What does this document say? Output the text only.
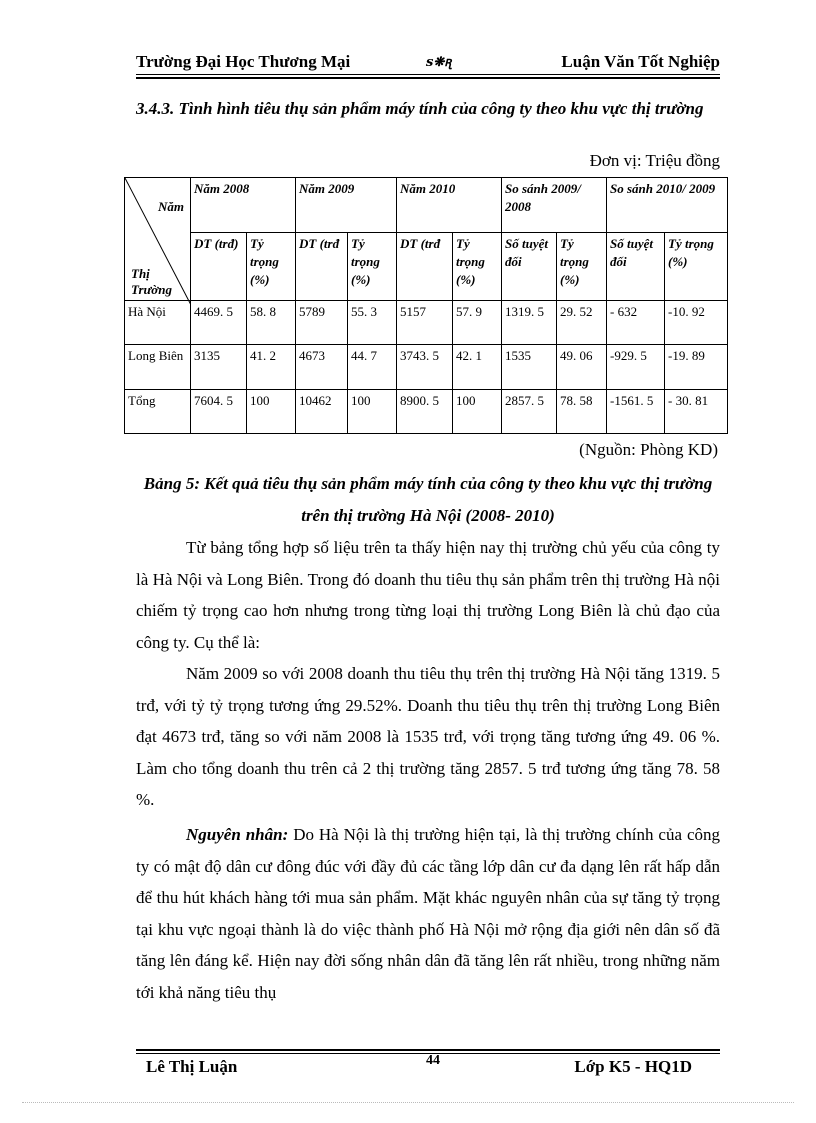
Trường Đại Học Thương Mại	ꜱ❋ꭆ	Luận Văn Tốt Nghiệp
3.4.3. Tình hình tiêu thụ sản phẩm máy tính của công ty theo khu vực thị trường
Đơn vị: Triệu đồng
Năm
Thị Trường	Năm 2008		Năm 2009		Năm 2010		So sánh 2009/ 2008		So sánh 2010/ 2009	
	DT (trđ)	Tỷ trọng (%)	DT (trđ	Tỷ trọng (%)	DT (trđ	Tỷ trọng (%)	Số tuyệt đối	Tỷ trọng (%)	Số tuyệt đối	Tỷ trọng (%)
Hà Nội	4469. 5	58. 8	5789	55. 3	5157	57. 9	1319. 5	29. 52	- 632	-10. 92
Long Biên	3135	41. 2	4673	44. 7	3743. 5	42. 1	1535	49. 06	-929. 5	-19. 89
Tổng	7604. 5	100	10462	100	8900. 5	100	2857. 5	78. 58	-1561. 5	- 30. 81
(Nguồn: Phòng KD)
Bảng 5: Kết quả tiêu thụ sản phẩm máy tính của công ty theo khu vực thị trường trên thị trường Hà Nội (2008- 2010)

Từ bảng tổng hợp số liệu trên ta thấy hiện nay thị trường chủ yếu của công ty là Hà Nội và Long Biên. Trong đó doanh thu tiêu thụ sản phẩm trên thị trường Hà nội chiếm tỷ trọng cao hơn nhưng trong từng loại thị trường Long Biên là chủ đạo của công ty. Cụ thể là:

Năm 2009 so với 2008 doanh thu tiêu thụ trên thị trường Hà Nội tăng 1319. 5 trđ, với tỷ tỷ trọng tương ứng 29.52%. Doanh thu tiêu thụ trên thị trường Long Biên đạt 4673 trđ, tăng so với năm 2008 là 1535 trđ, với trọng tăng tương ứng 49. 06 %. Làm cho tổng doanh thu trên cả 2 thị trường tăng 2857. 5 trđ tương ứng tăng 78. 58 %.

Nguyên nhân: Do Hà Nội là thị trường hiện tại, là thị trường chính của công ty có mật độ dân cư đông đúc với đầy đủ các tầng lớp dân cư đa dạng lên rất hấp dẫn để thu hút khách hàng tới mua sản phẩm. Mặt khác nguyên nhân của sự tăng tỷ trọng tại khu vực ngoại thành là do việc thành phố Hà Nội mở rộng địa giới nên dân số đã tăng lên đáng kể. Hiện nay đời sống nhân dân đã tăng lên rất nhiều, trong những năm tới khả năng tiêu thụ

Lê Thị Luận	44	Lớp K5 - HQ1D
